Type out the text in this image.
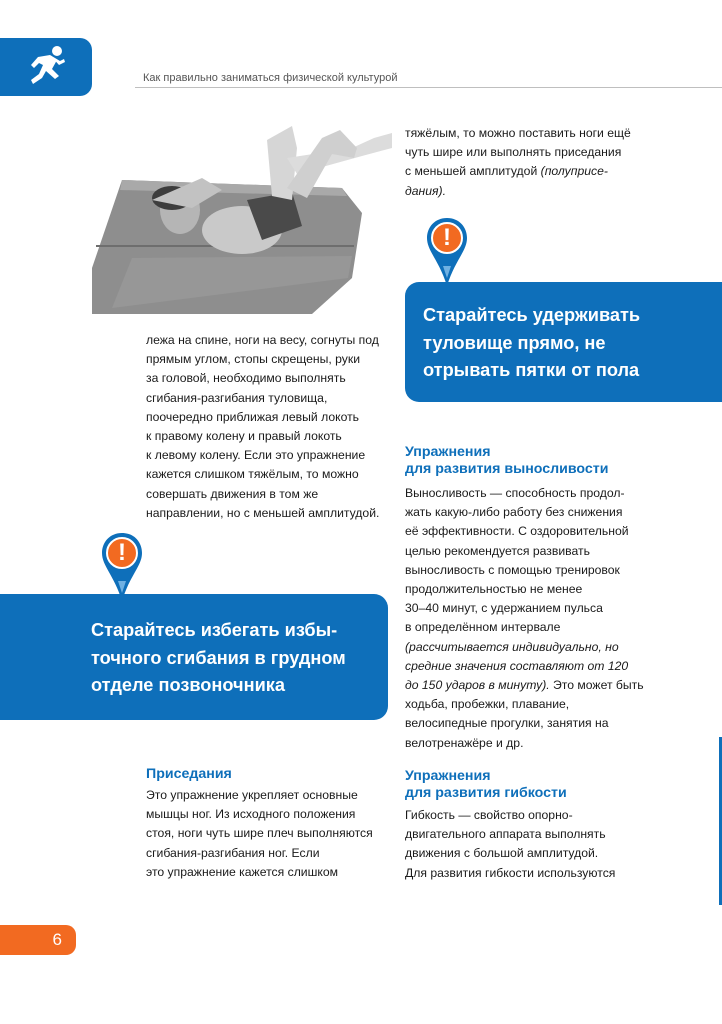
Как правильно заниматься физической культурой

тяжёлым, то можно поставить ноги ещё

чуть шире или выполнять приседания

с меньшей амплитудой (полуприсе-

дания).

Старайтесь удерживать
туловище прямо, не
отрывать пятки от пола
!

лежа на спине, ноги на весу, согнуты под

прямым углом, стопы скрещены, руки

за головой, необходимо выполнять

сгибания-разгибания туловища,

поочередно приближая левый локоть

к правому колену и правый локоть

к левому колену. Если это упражнение

кажется слишком тяжёлым, то можно

совершать движения в том же

направлении, но с меньшей амплитудой.

Старайтесь избегать избы-
точного сгибания в грудном
отделе позвоночника
!
Приседания

Это упражнение укрепляет основные

мышцы ног. Из исходного положения

стоя, ноги чуть шире плеч выполняются

сгибания-разгибания ног. Если

это упражнение кажется слишком

Упражнения
для развития выносливости

Выносливость — способность продол-

жать какую-либо работу без снижения

её эффективности. С оздоровительной

целью рекомендуется развивать

выносливость с помощью тренировок

продолжительностью не менее

30–40 минут, с удержанием пульса

в определённом интервале

(рассчитывается индивидуально, но

средние значения составляют от 120

до 150 ударов в минуту). Это может быть

ходьба, пробежки, плавание,

велосипедные прогулки, занятия на

велотренажёре и др.

Упражнения
для развития гибкости

Гибкость — свойство опорно-

двигательного аппарата выполнять

движения с большой амплитудой.

Для развития гибкости используются

6
